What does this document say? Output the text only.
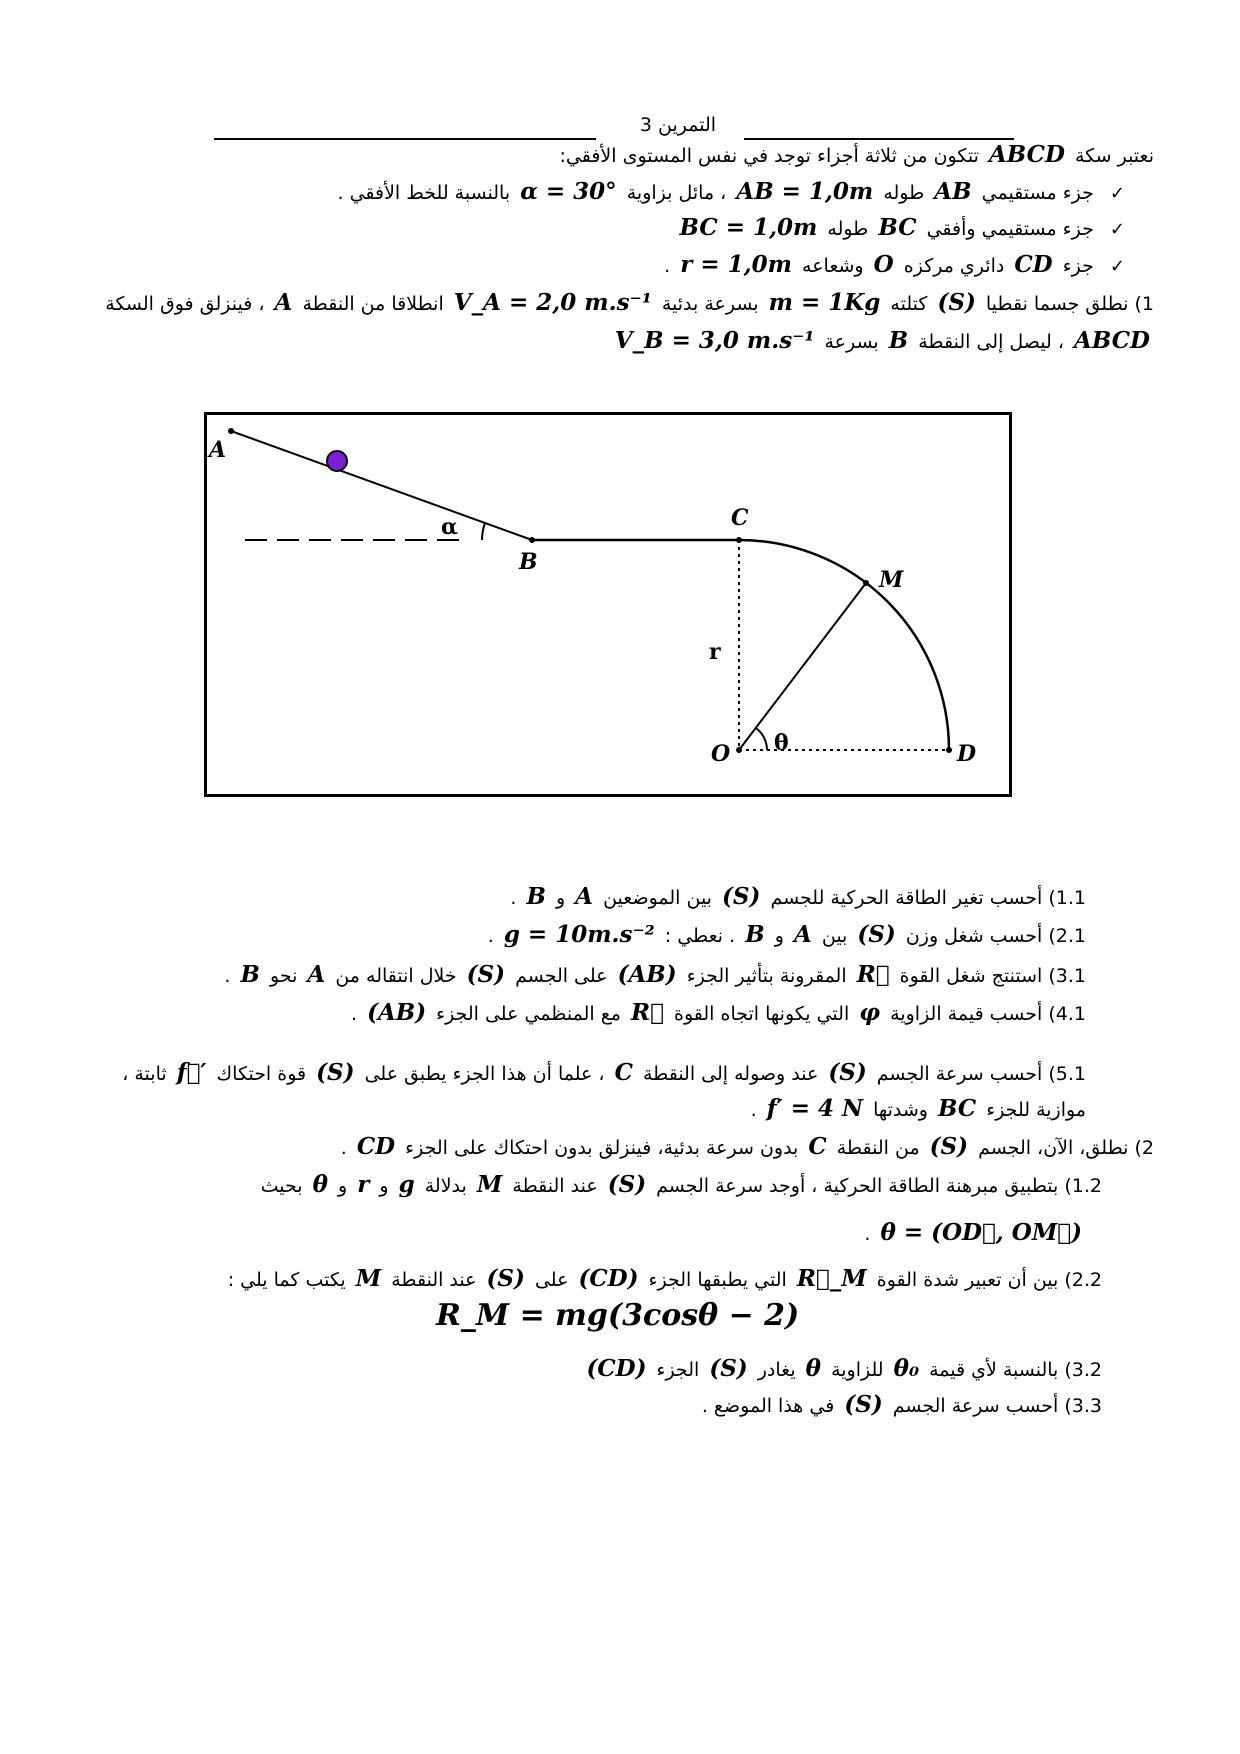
التمرين 3
نعتبر سكة ABCD تتكون من ثلاثة أجزاء توجد في نفس المستوى الأفقي:
✓ جزء مستقيمي AB طوله AB = 1,0m ، مائل بزاوية α = 30° بالنسبة للخط الأفقي .
✓ جزء مستقيمي وأفقي BC طوله BC = 1,0m
✓ جزء CD دائري مركزه O وشعاعه r = 1,0m .
1) نطلق جسما نقطيا (S) كتلته m = 1Kg بسرعة بدئية V_A = 2,0 m.s⁻¹ انطلاقا من النقطة A ، فينزلق فوق السكة
ABCD ، ليصل إلى النقطة B بسرعة V_B = 3,0 m.s⁻¹
A
B
C
M
O	D
r
α
θ
1.1) أحسب تغير الطاقة الحركية للجسم (S) بين الموضعين A و B .
2.1) أحسب شغل وزن (S) بين A و B . نعطي : g = 10m.s⁻² .
3.1) استنتج شغل القوة R⃗ المقرونة بتأثير الجزء (AB) على الجسم (S) خلال انتقاله من A نحو B .
4.1) أحسب قيمة الزاوية φ التي يكونها اتجاه القوة R⃗ مع المنظمي على الجزء (AB) .
5.1) أحسب سرعة الجسم (S) عند وصوله إلى النقطة C ، علما أن هذا الجزء يطبق على (S) قوة احتكاك f⃗′ ثابتة ،
موازية للجزء BC وشدتها f′ = 4 N .
2) نطلق، الآن، الجسم (S) من النقطة C بدون سرعة بدئية، فينزلق بدون احتكاك على الجزء CD .
1.2) بتطبيق مبرهنة الطاقة الحركية ، أوجد سرعة الجسم (S) عند النقطة M بدلالة g و r و θ بحيث
θ = (OD⃗, OM⃗) .
2.2) بين أن تعبير شدة القوة R⃗_M التي يطبقها الجزء (CD) على (S) عند النقطة M يكتب كما يلي :
R_M = mg(3cosθ − 2)
3.2) بالنسبة لأي قيمة θ₀ للزاوية θ يغادر (S) الجزء (CD)
3.3) أحسب سرعة الجسم (S) في هذا الموضع .
